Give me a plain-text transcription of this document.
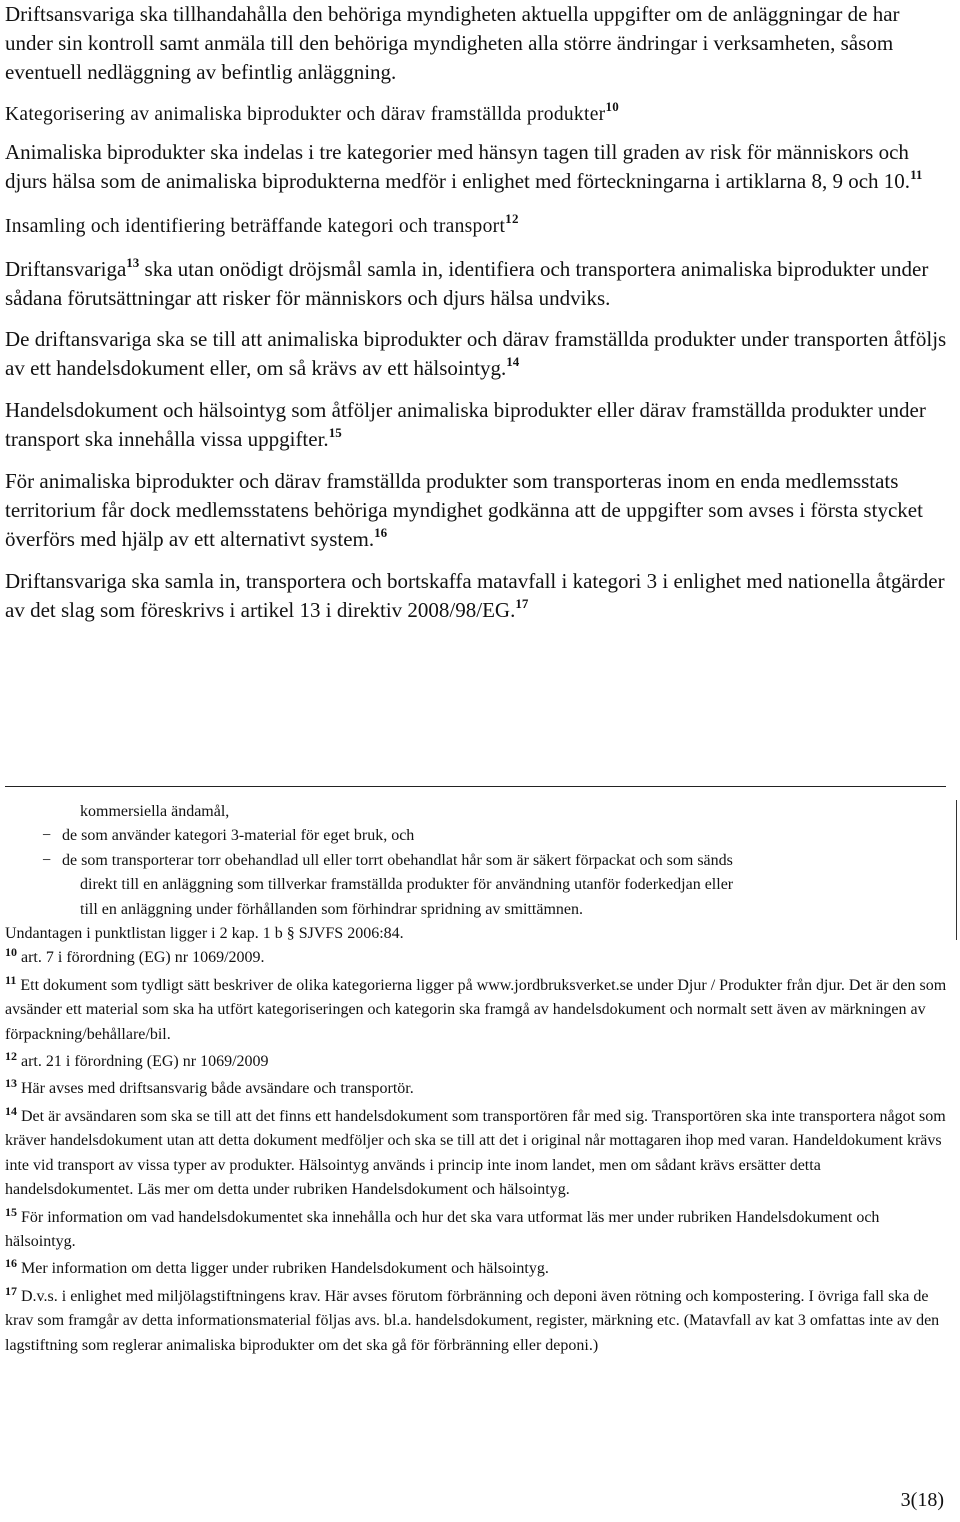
Driftsansvariga ska tillhandahålla den behöriga myndigheten aktuella uppgifter om de anläggningar de har under sin kontroll samt anmäla till den behöriga myndigheten alla större ändringar i verksamheten, såsom eventuell nedläggning av befintlig anläggning.

Kategorisering av animaliska biprodukter och därav framställda produkter$^{10}$

Animaliska biprodukter ska indelas i tre kategorier med hänsyn tagen till graden av risk för människors och djurs hälsa som de animaliska biprodukterna medför i enlighet med förteckningarna i artiklarna 8, 9 och 10.11

Insamling och identifiering beträffande kategori och transport$^{12}$

Driftansvariga$^{13}$ ska utan onödigt dröjsmål samla in, identifiera och transportera animaliska biprodukter under sådana förutsättningar att risker för människors och djurs hälsa undviks.

De driftansvariga ska se till att animaliska biprodukter och därav framställda produkter under transporten åtföljs av ett handelsdokument eller, om så krävs av ett hälsointyg.$^{14}$

Handelsdokument och hälsointyg som åtföljer animaliska biprodukter eller därav framställda produkter under transport ska innehålla vissa uppgifter.$^{15}$

För animaliska biprodukter och därav framställda produkter som transporteras inom en enda medlemsstats territorium får dock medlemsstatens behöriga myndighet godkänna att de uppgifter som avses i första stycket överförs med hjälp av ett alternativt system.$^{16}$

Driftansvariga ska samla in, transportera och bortskaffa matavfall i kategori 3 i enlighet med nationella åtgärder av det slag som föreskrivs i artikel 13 i direktiv 2008/98/EG.$^{17}$

kommersiella ändamål,
− de som använder kategori 3-material för eget bruk, och
− de som transporterar torr obehandlad ull eller torrt obehandlat hår som är säkert förpackat och som sänds
direkt till en anläggning som tillverkar framställda produkter för användning utanför foderkedjan eller
till en anläggning under förhållanden som förhindrar spridning av smittämnen.
Undantagen i punktlistan ligger i 2 kap. 1 b § SJVFS 2006:84.
$^{10}$ art. 7 i förordning (EG) nr 1069/2009.
$^{11}$ Ett dokument som tydligt sätt beskriver de olika kategorierna ligger på www.jordbruksverket.se under Djur / Produkter från djur. Det är den som avsänder ett material som ska ha utfört kategoriseringen och kategorin ska framgå av handelsdokument och normalt sett även av märkningen av förpackning/behållare/bil.
$^{12}$ art. 21 i förordning (EG) nr 1069/2009
$^{13}$ Här avses med driftsansvarig både avsändare och transportör.
$^{14}$ Det är avsändaren som ska se till att det finns ett handelsdokument som transportören får med sig. Transportören ska inte transportera något som kräver handelsdokument utan att detta dokument medföljer och ska se till att det i original når mottagaren ihop med varan. Handeldokument krävs inte vid transport av vissa typer av produkter. Hälsointyg används i princip inte inom landet, men om sådant krävs ersätter detta handelsdokumentet. Läs mer om detta under rubriken Handelsdokument och hälsointyg.
$^{15}$ För information om vad handelsdokumentet ska innehålla och hur det ska vara utformat läs mer under rubriken Handelsdokument och hälsointyg.
$^{16}$ Mer information om detta ligger under rubriken Handelsdokument och hälsointyg.
$^{17}$ D.v.s. i enlighet med miljölagstiftningens krav. Här avses förutom förbränning och deponi även rötning och kompostering. I övriga fall ska de krav som framgår av detta informationsmaterial följas avs. bl.a. handelsdokument, register, märkning etc. (Matavfall av kat 3 omfattas inte av den lagstiftning som reglerar animaliska biprodukter om det ska gå för förbränning eller deponi.)
3(18)
